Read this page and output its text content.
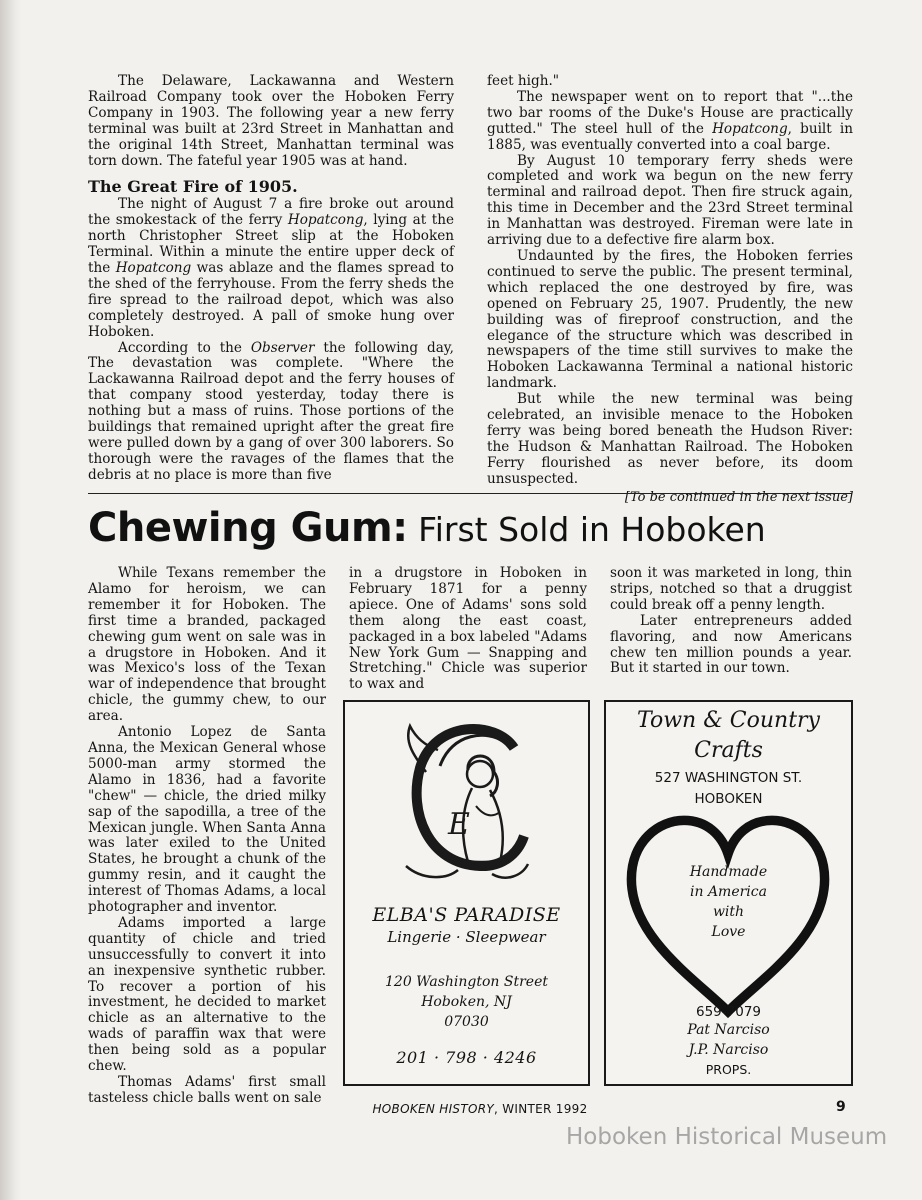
The Delaware, Lackawanna and Western Railroad Company took over the Hoboken Ferry Company in 1903. The following year a new ferry terminal was built at 23rd Street in Manhattan and the original 14th Street, Manhattan terminal was torn down. The fateful year 1905 was at hand.

The Great Fire of 1905.

The night of August 7 a fire broke out around the smokestack of the ferry Hopatcong, lying at the north Christopher Street slip at the Hoboken Terminal. Within a minute the entire upper deck of the Hopatcong was ablaze and the flames spread to the shed of the ferryhouse. From the ferry sheds the fire spread to the railroad depot, which was also completely destroyed. A pall of smoke hung over Hoboken.

According to the Observer the following day, The devastation was complete. "Where the Lackawanna Railroad depot and the ferry houses of that company stood yesterday, today there is nothing but a mass of ruins. Those portions of the buildings that remained upright after the great fire were pulled down by a gang of over 300 laborers. So thorough were the ravages of the flames that the debris at no place is more than five

feet high."

The newspaper went on to report that "...the two bar rooms of the Duke's House are practically gutted." The steel hull of the Hopatcong, built in 1885, was eventually converted into a coal barge.

By August 10 temporary ferry sheds were completed and work wa begun on the new ferry terminal and railroad depot. Then fire struck again, this time in December and the 23rd Street terminal in Manhattan was destroyed. Fireman were late in arriving due to a defective fire alarm box.

Undaunted by the fires, the Hoboken ferries continued to serve the public. The present terminal, which replaced the one destroyed by fire, was opened on February 25, 1907. Prudently, the new building was of fireproof construction, and the elegance of the structure which was described in newspapers of the time still survives to make the Hoboken Lackawanna Terminal a national historic landmark.

But while the new terminal was being celebrated, an invisible menace to the Hoboken ferry was being bored beneath the Hudson River: the Hudson & Manhattan Railroad. The Hoboken Ferry flourished as never before, its doom unsuspected.

[To be continued in the next issue]
Chewing Gum: First Sold in Hoboken

While Texans remember the Alamo for heroism, we can remember it for Hoboken. The first time a branded, packaged chewing gum went on sale was in a drugstore in Hoboken. And it was Mexico's loss of the Texan war of independence that brought chicle, the gummy chew, to our area.

Antonio Lopez de Santa Anna, the Mexican General whose 5000-man army stormed the Alamo in 1836, had a favorite "chew" — chicle, the dried milky sap of the sapodilla, a tree of the Mexican jungle. When Santa Anna was later exiled to the United States, he brought a chunk of the gummy resin, and it caught the interest of Thomas Adams, a local photographer and inventor.

Adams imported a large quantity of chicle and tried unsuccessfully to convert it into an inexpensive synthetic rubber. To recover a portion of his investment, he decided to market chicle as an alternative to the wads of paraffin wax that were then being sold as a popular chew.

Thomas Adams' first small tasteless chicle balls went on sale

in a drugstore in Hoboken in February 1871 for a penny apiece. One of Adams' sons sold them along the east coast, packaged in a box labeled "Adams New York Gum — Snapping and Stretching." Chicle was superior to wax and

soon it was marketed in long, thin strips, notched so that a druggist could break off a penny length.

Later entrepreneurs added flavoring, and now Americans chew ten million pounds a year. But it started in our town.

E
ELBA'S PARADISE
Lingerie · Sleepwear
120 Washington Street
Hoboken, NJ
07030
201 · 798 · 4246
Town & Country
Crafts
527 WASHINGTON ST.
HOBOKEN
Handmade
in America
with
Love
659-7079
Pat Narciso
J.P. Narciso
PROPS.
HOBOKEN HISTORY, WINTER 1992	9
Hoboken Historical Museum
